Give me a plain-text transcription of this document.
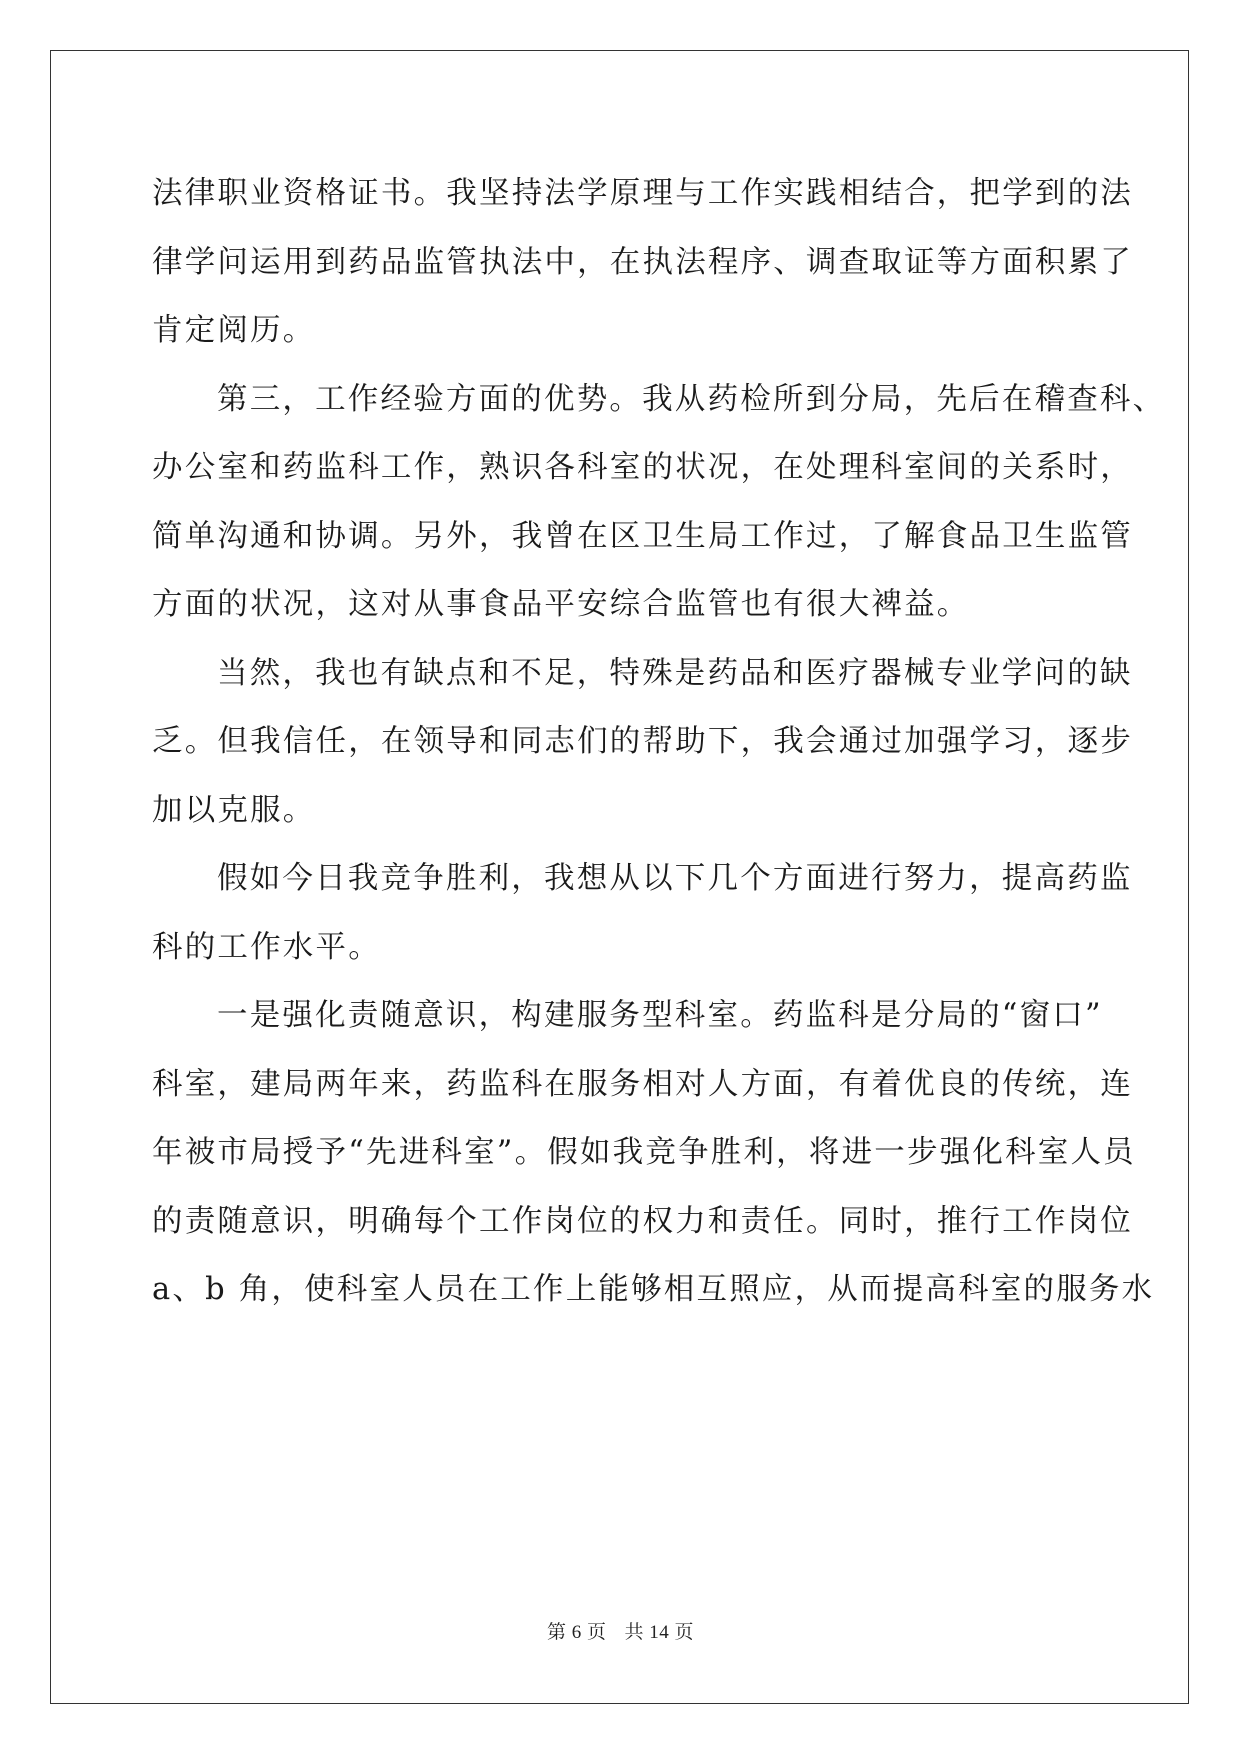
法律职业资格证书。我坚持法学原理与工作实践相结合，把学到的法

律学问运用到药品监管执法中，在执法程序、调查取证等方面积累了

肯定阅历。

第三，工作经验方面的优势。我从药检所到分局，先后在稽查科、

办公室和药监科工作，熟识各科室的状况，在处理科室间的关系时，

简单沟通和协调。另外，我曾在区卫生局工作过，了解食品卫生监管

方面的状况，这对从事食品平安综合监管也有很大裨益。

当然，我也有缺点和不足，特殊是药品和医疗器械专业学问的缺

乏。但我信任，在领导和同志们的帮助下，我会通过加强学习，逐步

加以克服。

假如今日我竞争胜利，我想从以下几个方面进行努力，提高药监

科的工作水平。

一是强化责随意识，构建服务型科室。药监科是分局的“窗口”

科室，建局两年来，药监科在服务相对人方面，有着优良的传统，连

年被市局授予“先进科室”。假如我竞争胜利，将进一步强化科室人员

的责随意识，明确每个工作岗位的权力和责任。同时，推行工作岗位

a、b 角，使科室人员在工作上能够相互照应，从而提高科室的服务水

第 6 页 共 14 页
